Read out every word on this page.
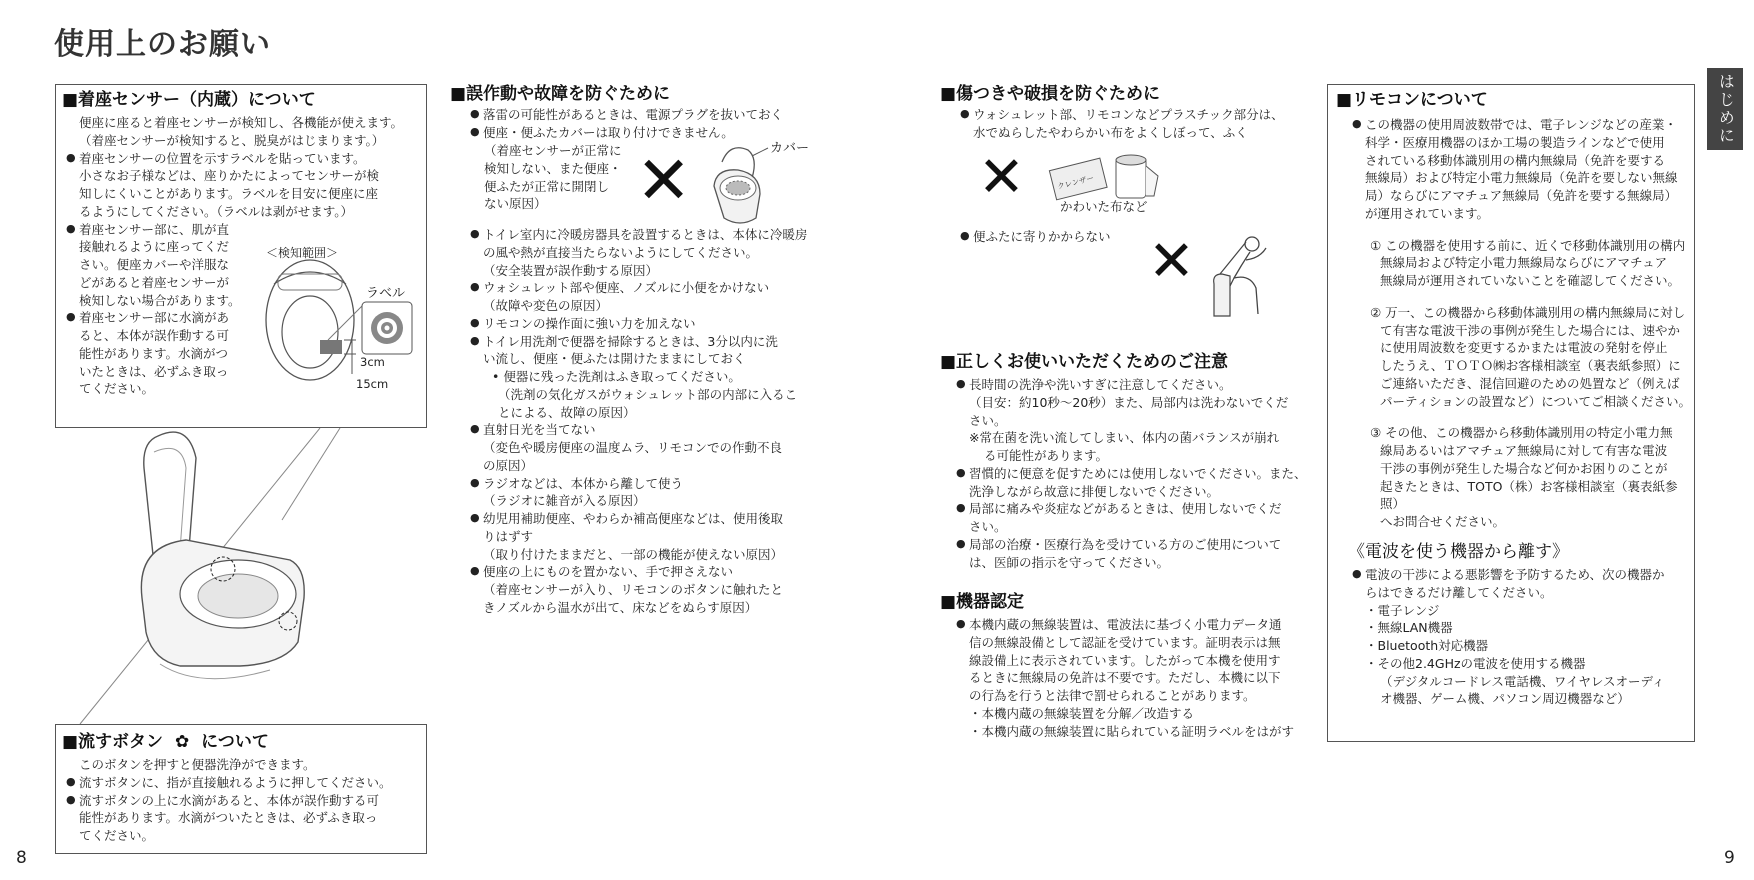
使用上のお願い
はじめに
8	9
■着座センサー（内蔵）について
便座に座ると着座センサーが検知し、各機能が使えます。
（着座センサーが検知すると、脱臭がはじまります。）
● 着座センサーの位置を示すラベルを貼っています。
小さなお子様などは、座りかたによってセンサーが検
知しにくいことがあります。ラベルを目安に便座に座
るようにしてください。（ラベルは剥がせます。）
● 着座センサー部に、肌が直
接触れるように座ってくだ
さい。便座カバーや洋服な
どがあると着座センサーが
検知しない場合があります。
● 着座センサー部に水滴があ
ると、本体が誤作動する可
能性があります。水滴がつ
いたときは、必ずふき取っ
てください。
＜検知範囲＞
3cm
15cm
ラベル
■流すボタン ✿ について
このボタンを押すと便器洗浄ができます。
● 流すボタンに、指が直接触れるように押してください。
● 流すボタンの上に水滴があると、本体が誤作動する可
能性があります。水滴がついたときは、必ずふき取っ
てください。
■誤作動や故障を防ぐために
● 落雷の可能性があるときは、電源プラグを抜いておく
● 便座・便ふたカバーは取り付けできません。
（着座センサーが正常に
検知しない、また便座・
便ふたが正常に開閉し
ない原因）	✕	カバー
● トイレ室内に冷暖房器具を設置するときは、本体に冷暖房
の風や熱が直接当たらないようにしてください。
（安全装置が誤作動する原因）
● ウォシュレット部や便座、ノズルに小便をかけない
（故障や変色の原因）
● リモコンの操作面に強い力を加えない
● トイレ用洗剤で便器を掃除するときは、3分以内に洗
い流し、便座・便ふたは開けたままにしておく
• 便器に残った洗剤はふき取ってください。
（洗剤の気化ガスがウォシュレット部の内部に入るこ
とによる、故障の原因）
● 直射日光を当てない
（変色や暖房便座の温度ムラ、リモコンでの作動不良
の原因）
● ラジオなどは、本体から離して使う
（ラジオに雑音が入る原因）
● 幼児用補助便座、やわらか補高便座などは、使用後取
りはずす
（取り付けたままだと、一部の機能が使えない原因）
● 便座の上にものを置かない、手で押さえない
（着座センサーが入り、リモコンのボタンに触れたと
きノズルから温水が出て、床などをぬらす原因）
■傷つきや破損を防ぐために
● ウォシュレット部、リモコンなどプラスチック部分は、
水でぬらしたやわらかい布をよくしぼって、ふく
✕	クレンザー
かわいた布など
● 便ふたに寄りかからない ✕
■正しくお使いいただくためのご注意
● 長時間の洗浄や洗いすぎに注意してください。
（目安：約10秒〜20秒）また、局部内は洗わないでくだ
さい。
※常在菌を洗い流してしまい、体内の菌バランスが崩れ
る可能性があります。
● 習慣的に便意を促すためには使用しないでください。また、
洗浄しながら故意に排便しないでください。
● 局部に痛みや炎症などがあるときは、使用しないでくだ
さい。
● 局部の治療・医療行為を受けている方のご使用について
は、医師の指示を守ってください。
■機器認定
● 本機内蔵の無線装置は、電波法に基づく小電力データ通
信の無線設備として認証を受けています。証明表示は無
線設備上に表示されています。したがって本機を使用す
るときに無線局の免許は不要です。ただし、本機に以下
の行為を行うと法律で罰せられることがあります。
・本機内蔵の無線装置を分解／改造する
・本機内蔵の無線装置に貼られている証明ラベルをはがす
■リモコンについて
● この機器の使用周波数帯では、電子レンジなどの産業・
科学・医療用機器のほか工場の製造ラインなどで使用
されている移動体識別用の構内無線局（免許を要する
無線局）および特定小電力無線局（免許を要しない無線
局）ならびにアマチュア無線局（免許を要する無線局）
が運用されています。
① この機器を使用する前に、近くで移動体識別用の構内
無線局および特定小電力無線局ならびにアマチュア
無線局が運用されていないことを確認してください。
② 万一、この機器から移動体識別用の構内無線局に対し
て有害な電波干渉の事例が発生した場合には、速やか
に使用周波数を変更するかまたは電波の発射を停止
したうえ、ＴＯＴＯ㈱お客様相談室（裏表紙参照）に
ご連絡いただき、混信回避のための処置など（例えば
パーティションの設置など）についてご相談ください。
③ その他、この機器から移動体識別用の特定小電力無
線局あるいはアマチュア無線局に対して有害な電波
干渉の事例が発生した場合など何かお困りのことが
起きたときは、TOTO（株）お客様相談室（裏表紙参照）
へお問合せください。
《電波を使う機器から離す》
● 電波の干渉による悪影響を予防するため、次の機器か
らはできるだけ離してください。
・電子レンジ
・無線LAN機器
・Bluetooth対応機器
・その他2.4GHzの電波を使用する機器
（デジタルコードレス電話機、ワイヤレスオーディ
オ機器、ゲーム機、パソコン周辺機器など）
